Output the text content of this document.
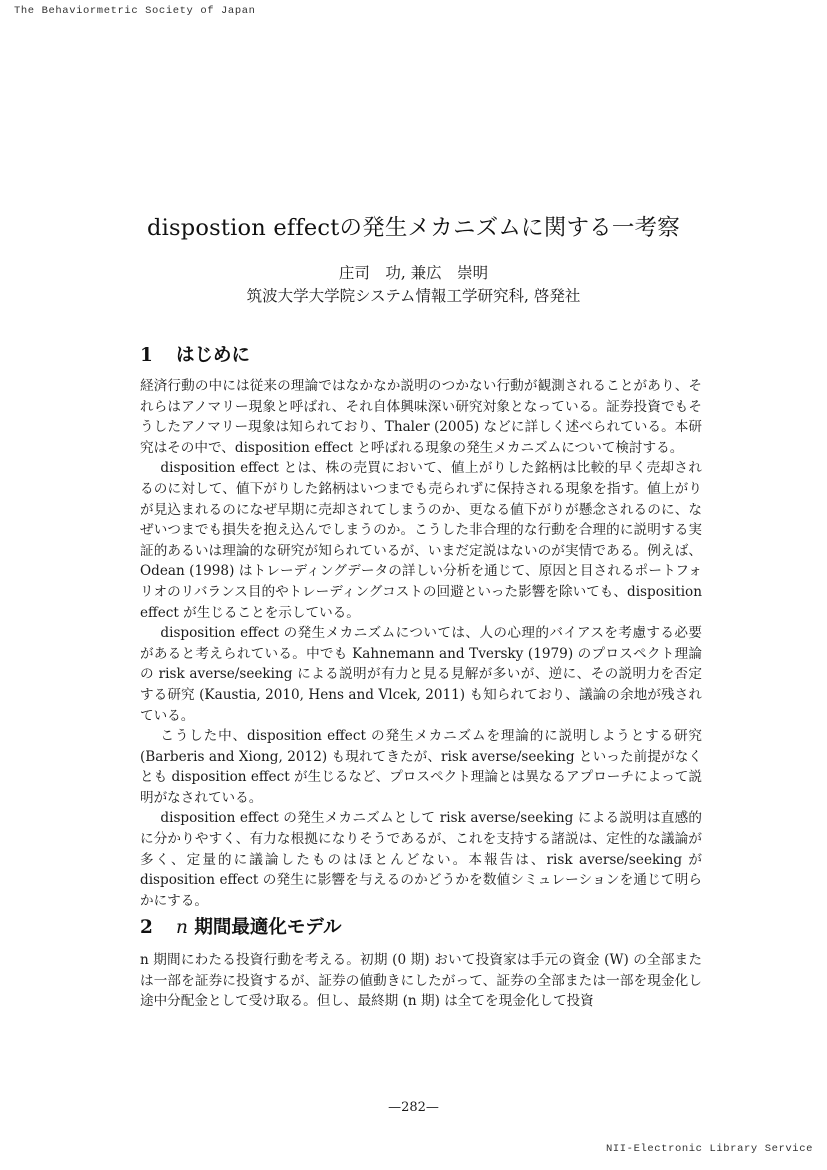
The Behaviormetric Society of Japan
dispostion effectの発生メカニズムに関する一考察
庄司　功, 兼広　崇明
筑波大学大学院システム情報工学研究科, 啓発社
1 はじめに

経済行動の中には従来の理論ではなかなか説明のつかない行動が観測されることがあり、それらはアノマリー現象と呼ばれ、それ自体興味深い研究対象となっている。証券投資でもそうしたアノマリー現象は知られており、Thaler (2005) などに詳しく述べられている。本研究はその中で、disposition effect と呼ばれる現象の発生メカニズムについて検討する。

disposition effect とは、株の売買において、値上がりした銘柄は比較的早く売却されるのに対して、値下がりした銘柄はいつまでも売られずに保持される現象を指す。値上がりが見込まれるのになぜ早期に売却されてしまうのか、更なる値下がりが懸念されるのに、なぜいつまでも損失を抱え込んでしまうのか。こうした非合理的な行動を合理的に説明する実証的あるいは理論的な研究が知られているが、いまだ定説はないのが実情である。例えば、Odean (1998) はトレーディングデータの詳しい分析を通じて、原因と目されるポートフォリオのリバランス目的やトレーディングコストの回避といった影響を除いても、disposition effect が生じることを示している。

disposition effect の発生メカニズムについては、人の心理的バイアスを考慮する必要があると考えられている。中でも Kahnemann and Tversky (1979) のプロスペクト理論の risk averse/seeking による説明が有力と見る見解が多いが、逆に、その説明力を否定する研究 (Kaustia, 2010, Hens and Vlcek, 2011) も知られており、議論の余地が残されている。

こうした中、disposition effect の発生メカニズムを理論的に説明しようとする研究 (Barberis and Xiong, 2012) も現れてきたが、risk averse/seeking といった前提がなくとも disposition effect が生じるなど、プロスペクト理論とは異なるアプローチによって説明がなされている。

disposition effect の発生メカニズムとして risk averse/seeking による説明は直感的に分かりやすく、有力な根拠になりそうであるが、これを支持する諸説は、定性的な議論が多く、定量的に議論したものはほとんどない。本報告は、risk averse/seeking が disposition effect の発生に影響を与えるのかどうかを数値シミュレーションを通じて明らかにする。

2 n 期間最適化モデル

n 期間にわたる投資行動を考える。初期 (0 期) おいて投資家は手元の資金 (W) の全部または一部を証券に投資するが、証券の値動きにしたがって、証券の全部または一部を現金化し途中分配金として受け取る。但し、最終期 (n 期) は全てを現金化して投資

—282—
NII-Electronic Library Service
